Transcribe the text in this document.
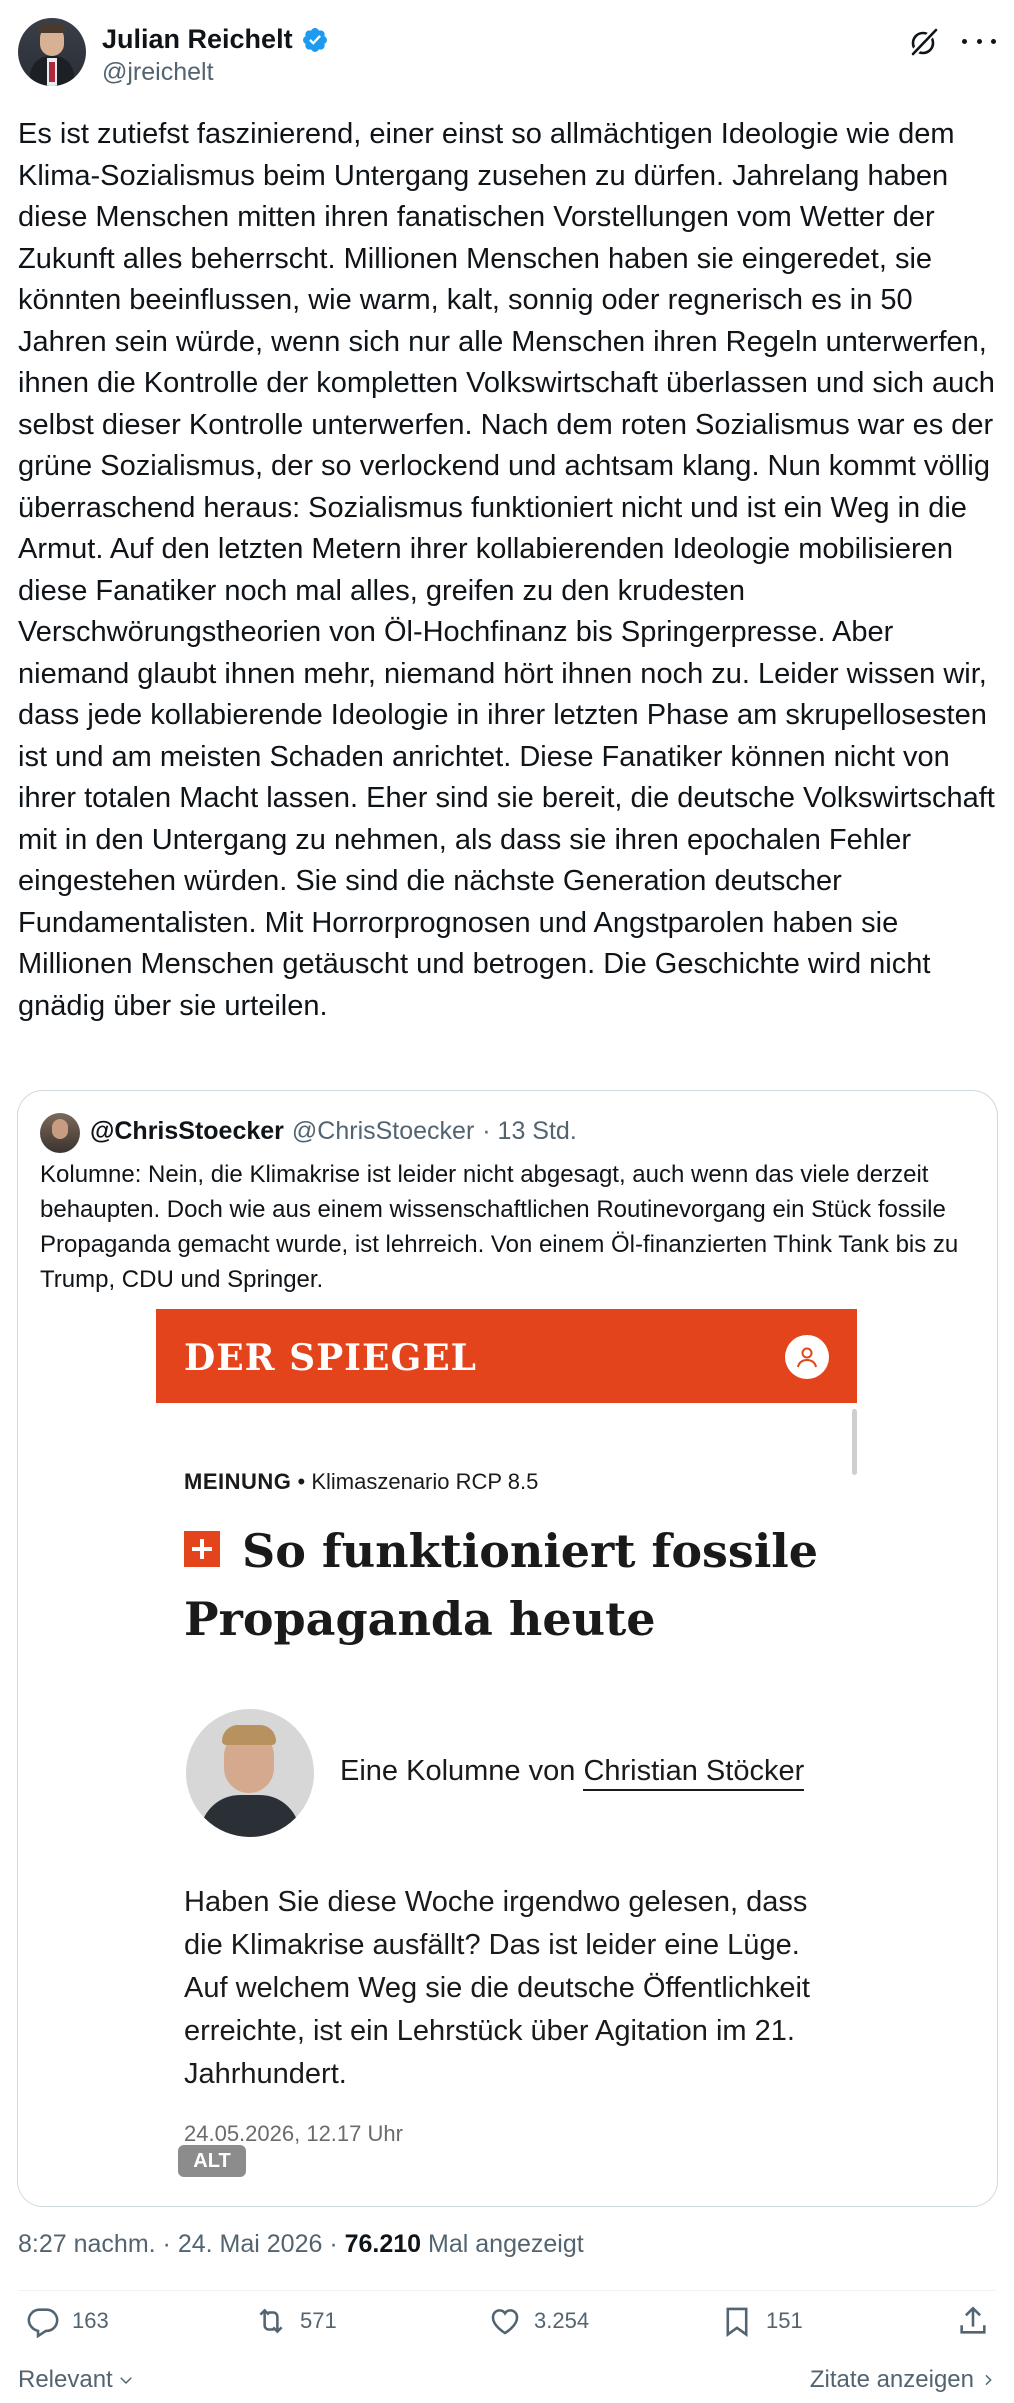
Julian Reichelt
@jreichelt
Es ist zutiefst faszinierend, einer einst so allmächtigen Ideologie wie dem Klima-Sozialismus beim Untergang zusehen zu dürfen. Jahrelang haben diese Menschen mitten ihren fanatischen Vorstellungen vom Wetter der Zukunft alles beherrscht. Millionen Menschen haben sie eingeredet, sie könnten beeinflussen, wie warm, kalt, sonnig oder regnerisch es in 50 Jahren sein würde, wenn sich nur alle Menschen ihren Regeln unterwerfen, ihnen die Kontrolle der kompletten Volkswirtschaft überlassen und sich auch selbst dieser Kontrolle unterwerfen. Nach dem roten Sozialismus war es der grüne Sozialismus, der so verlockend und achtsam klang. Nun kommt völlig überraschend heraus: Sozialismus funktioniert nicht und ist ein Weg in die Armut. Auf den letzten Metern ihrer kollabierenden Ideologie mobilisieren diese Fanatiker noch mal alles, greifen zu den krudesten Verschwörungstheorien von Öl-Hochfinanz bis Springerpresse. Aber niemand glaubt ihnen mehr, niemand hört ihnen noch zu. Leider wissen wir, dass jede kollabierende Ideologie in ihrer letzten Phase am skrupellosesten ist und am meisten Schaden anrichtet. Diese Fanatiker können nicht von ihrer totalen Macht lassen. Eher sind sie bereit, die deutsche Volkswirtschaft mit in den Untergang zu nehmen, als dass sie ihren epochalen Fehler eingestehen würden. Sie sind die nächste Generation deutscher Fundamentalisten. Mit Horrorprognosen und Angstparolen haben sie Millionen Menschen getäuscht und betrogen. Die Geschichte wird nicht gnädig über sie urteilen.
@ChrisStoecker @ChrisStoecker · 13 Std.
Kolumne: Nein, die Klimakrise ist leider nicht abgesagt, auch wenn das viele derzeit behaupten. Doch wie aus einem wissenschaftlichen Routinevorgang ein Stück fossile Propaganda gemacht wurde, ist lehrreich. Von einem Öl-finanzierten Think Tank bis zu Trump, CDU und Springer.
DER SPIEGEL
MEINUNG • Klimaszenario RCP 8.5
So funktioniert fossile Propaganda heute
Eine Kolumne von Christian Stöcker
Haben Sie diese Woche irgendwo gelesen, dass die Klimakrise ausfällt? Das ist leider eine Lüge. Auf welchem Weg sie die deutsche Öffentlichkeit erreichte, ist ein Lehrstück über Agitation im 21. Jahrhundert.
24.05.2026, 12.17 Uhr
ALT
8:27 nachm. · 24. Mai 2026 · 76.210 Mal angezeigt
163	571	3.254	151
Relevant	Zitate anzeigen
